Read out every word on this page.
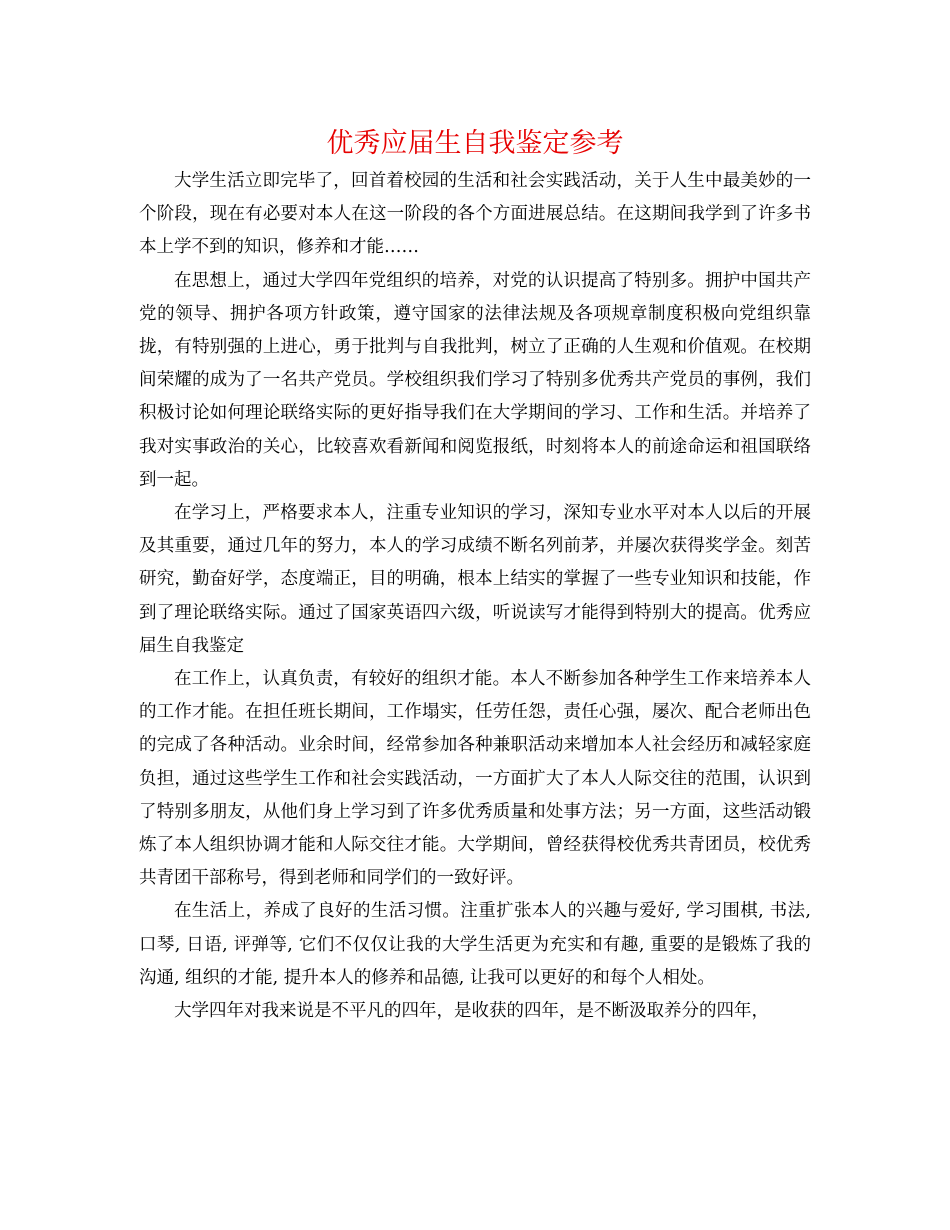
优秀应届生自我鉴定参考

大学生活立即完毕了，回首着校园的生活和社会实践活动，关于人生中最美妙的一个阶段，现在有必要对本人在这一阶段的各个方面进展总结。在这期间我学到了许多书本上学不到的知识，修养和才能……

在思想上，通过大学四年党组织的培养，对党的认识提高了特别多。拥护中国共产党的领导、拥护各项方针政策，遵守国家的法律法规及各项规章制度积极向党组织靠拢，有特别强的上进心，勇于批判与自我批判，树立了正确的人生观和价值观。在校期间荣耀的成为了一名共产党员。学校组织我们学习了特别多优秀共产党员的事例，我们积极讨论如何理论联络实际的更好指导我们在大学期间的学习、工作和生活。并培养了我对实事政治的关心，比较喜欢看新闻和阅览报纸，时刻将本人的前途命运和祖国联络到一起。

在学习上，严格要求本人，注重专业知识的学习，深知专业水平对本人以后的开展及其重要，通过几年的努力，本人的学习成绩不断名列前茅，并屡次获得奖学金。刻苦研究，勤奋好学，态度端正，目的明确，根本上结实的掌握了一些专业知识和技能，作到了理论联络实际。通过了国家英语四六级，听说读写才能得到特别大的提高。优秀应届生自我鉴定

在工作上，认真负责，有较好的组织才能。本人不断参加各种学生工作来培养本人的工作才能。在担任班长期间，工作塌实，任劳任怨，责任心强，屡次、配合老师出色的完成了各种活动。业余时间，经常参加各种兼职活动来增加本人社会经历和减轻家庭负担，通过这些学生工作和社会实践活动，一方面扩大了本人人际交往的范围，认识到了特别多朋友，从他们身上学习到了许多优秀质量和处事方法；另一方面，这些活动锻炼了本人组织协调才能和人际交往才能。大学期间，曾经获得校优秀共青团员，校优秀共青团干部称号，得到老师和同学们的一致好评。

在生活上，养成了良好的生活习惯。注重扩张本人的兴趣与爱好, 学习围棋, 书法, 口琴, 日语, 评弹等, 它们不仅仅让我的大学生活更为充实和有趣, 重要的是锻炼了我的沟通, 组织的才能, 提升本人的修养和品德, 让我可以更好的和每个人相处。

大学四年对我来说是不平凡的四年，是收获的四年，是不断汲取养分的四年，
